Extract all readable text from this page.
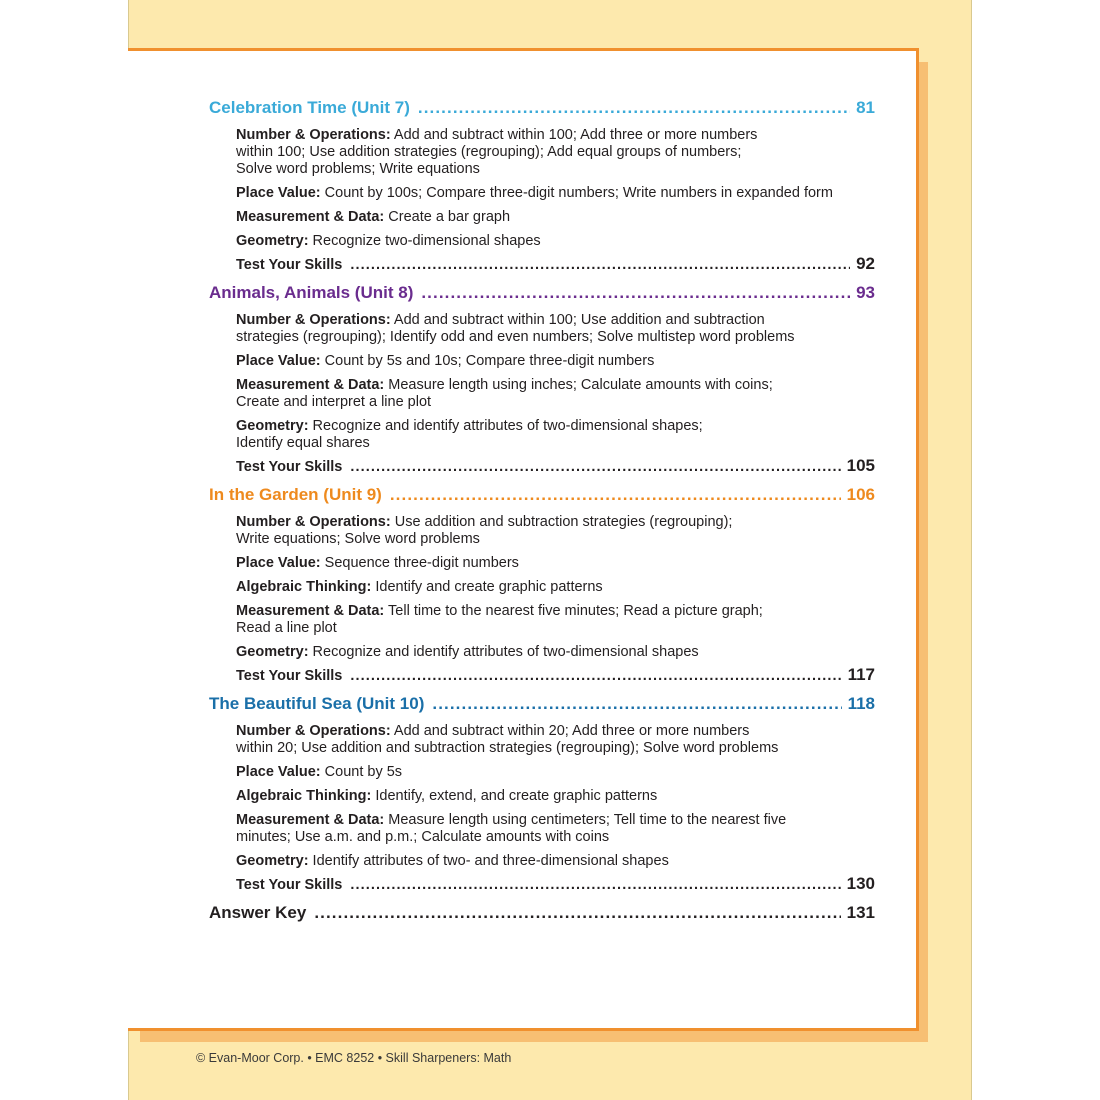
Celebration Time (Unit 7) .....	81
Number & Operations: Add and subtract within 100; Add three or more numbers
within 100; Use addition strategies (regrouping); Add equal groups of numbers;
Solve word problems; Write equations
Place Value: Count by 100s; Compare three-digit numbers; Write numbers in expanded form
Measurement & Data: Create a bar graph
Geometry: Recognize two-dimensional shapes
Test Your Skills .....	92
Animals, Animals (Unit 8) .....	93
Number & Operations: Add and subtract within 100; Use addition and subtraction
strategies (regrouping); Identify odd and even numbers; Solve multistep word problems
Place Value: Count by 5s and 10s; Compare three-digit numbers
Measurement & Data: Measure length using inches; Calculate amounts with coins;
Create and interpret a line plot
Geometry: Recognize and identify attributes of two-dimensional shapes;
Identify equal shares
Test Your Skills .....	105
In the Garden (Unit 9) .....	106
Number & Operations: Use addition and subtraction strategies (regrouping);
Write equations; Solve word problems
Place Value: Sequence three-digit numbers
Algebraic Thinking: Identify and create graphic patterns
Measurement & Data: Tell time to the nearest five minutes; Read a picture graph;
Read a line plot
Geometry: Recognize and identify attributes of two-dimensional shapes
Test Your Skills .....	117
The Beautiful Sea (Unit 10) .....	118
Number & Operations: Add and subtract within 20; Add three or more numbers
within 20; Use addition and subtraction strategies (regrouping); Solve word problems
Place Value: Count by 5s
Algebraic Thinking: Identify, extend, and create graphic patterns
Measurement & Data: Measure length using centimeters; Tell time to the nearest five
minutes; Use a.m. and p.m.; Calculate amounts with coins
Geometry: Identify attributes of two- and three-dimensional shapes
Test Your Skills .....	130
Answer Key .....	131
© Evan-Moor Corp. • EMC 8252 • Skill Sharpeners: Math
